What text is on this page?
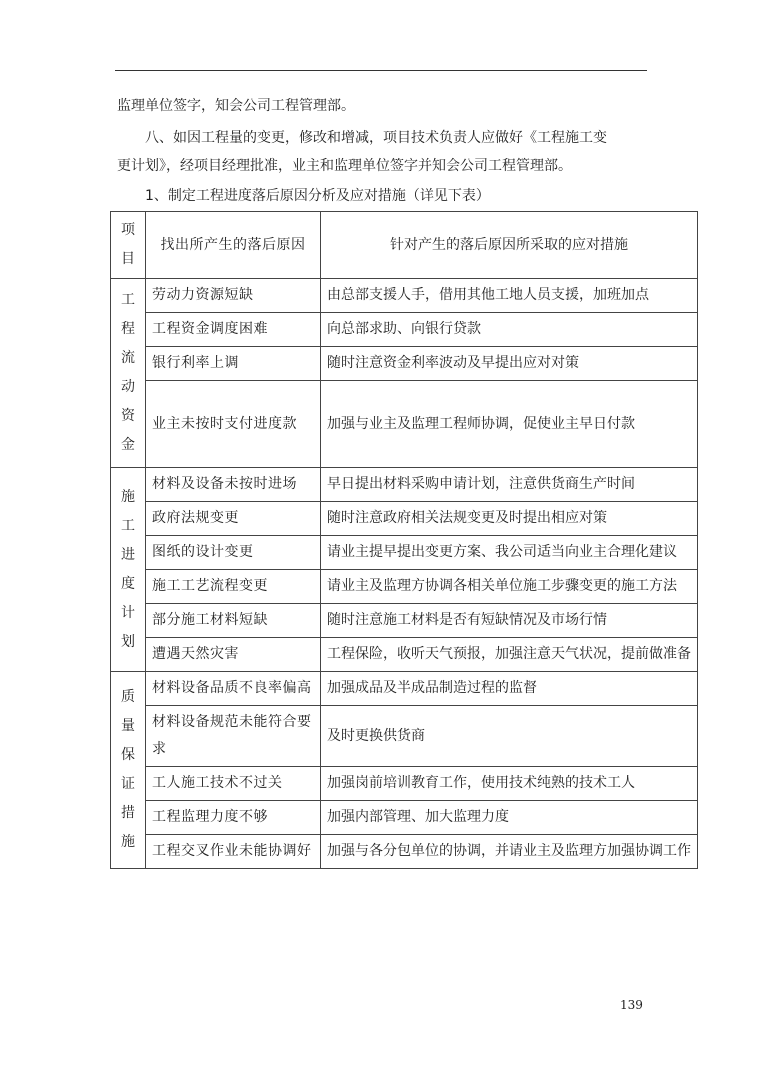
监理单位签字，知会公司工程管理部。
八、如因工程量的变更，修改和增减，项目技术负责人应做好《工程施工变
更计划》，经项目经理批准，业主和监理单位签字并知会公司工程管理部。
1、制定工程进度落后原因分析及应对措施（详见下表）
项目	找出所产生的落后原因	针对产生的落后原因所采取的应对措施

工程流动资金	劳动力资源短缺	由总部支援人手，借用其他工地人员支援，加班加点
	工程资金调度困难	向总部求助、向银行贷款
	银行利率上调	随时注意资金利率波动及早提出应对对策
	业主未按时支付进度款	加强与业主及监理工程师协调，促使业主早日付款

施工进度计划	材料及设备未按时进场	早日提出材料采购申请计划，注意供货商生产时间
	政府法规变更	随时注意政府相关法规变更及时提出相应对策
	图纸的设计变更	请业主提早提出变更方案、我公司适当向业主合理化建议
	施工工艺流程变更	请业主及监理方协调各相关单位施工步骤变更的施工方法
	部分施工材料短缺	随时注意施工材料是否有短缺情况及市场行情
	遭遇天然灾害	工程保险，收听天气预报，加强注意天气状况，提前做准备

质量保证措施	材料设备品质不良率偏高	加强成品及半成品制造过程的监督
	材料设备规范未能符合要求	及时更换供货商
	工人施工技术不过关	加强岗前培训教育工作，使用技术纯熟的技术工人
	工程监理力度不够	加强内部管理、加大监理力度
	工程交叉作业未能协调好	加强与各分包单位的协调，并请业主及监理方加强协调工作
139
